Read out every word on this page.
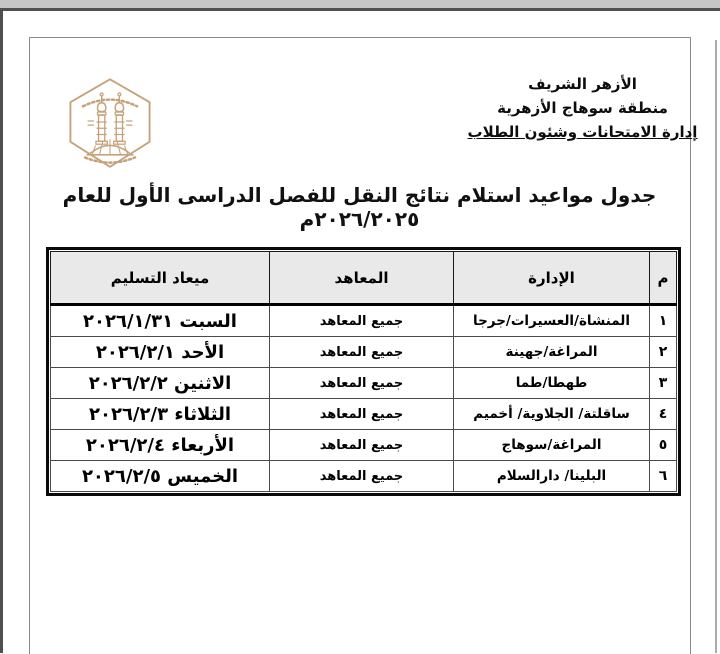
الأزهر الشريف
منطقة سوهاج الأزهرية
إدارة الامتحانات وشئون الطلاب
جدول مواعيد استلام نتائج النقل للفصل الدراسى الأول للعام ٢٠٢٦/٢٠٢٥م
م	الإدارة	المعاهد	ميعاد التسليم
١	المنشاة/العسيرات/جرجا	جميع المعاهد	السبت ٢٠٢٦/١/٣١
٢	المراغة/جهينة	جميع المعاهد	الأحد ٢٠٢٦/٢/١
٣	طهطا/طما	جميع المعاهد	الاثنين ٢٠٢٦/٢/٢
٤	ساقلتة/ الجلاوية/ أخميم	جميع المعاهد	الثلاثاء ٢٠٢٦/٢/٣
٥	المراغة/سوهاج	جميع المعاهد	الأربعاء ٢٠٢٦/٢/٤
٦	البلينا/ دارالسلام	جميع المعاهد	الخميس ٢٠٢٦/٢/٥
